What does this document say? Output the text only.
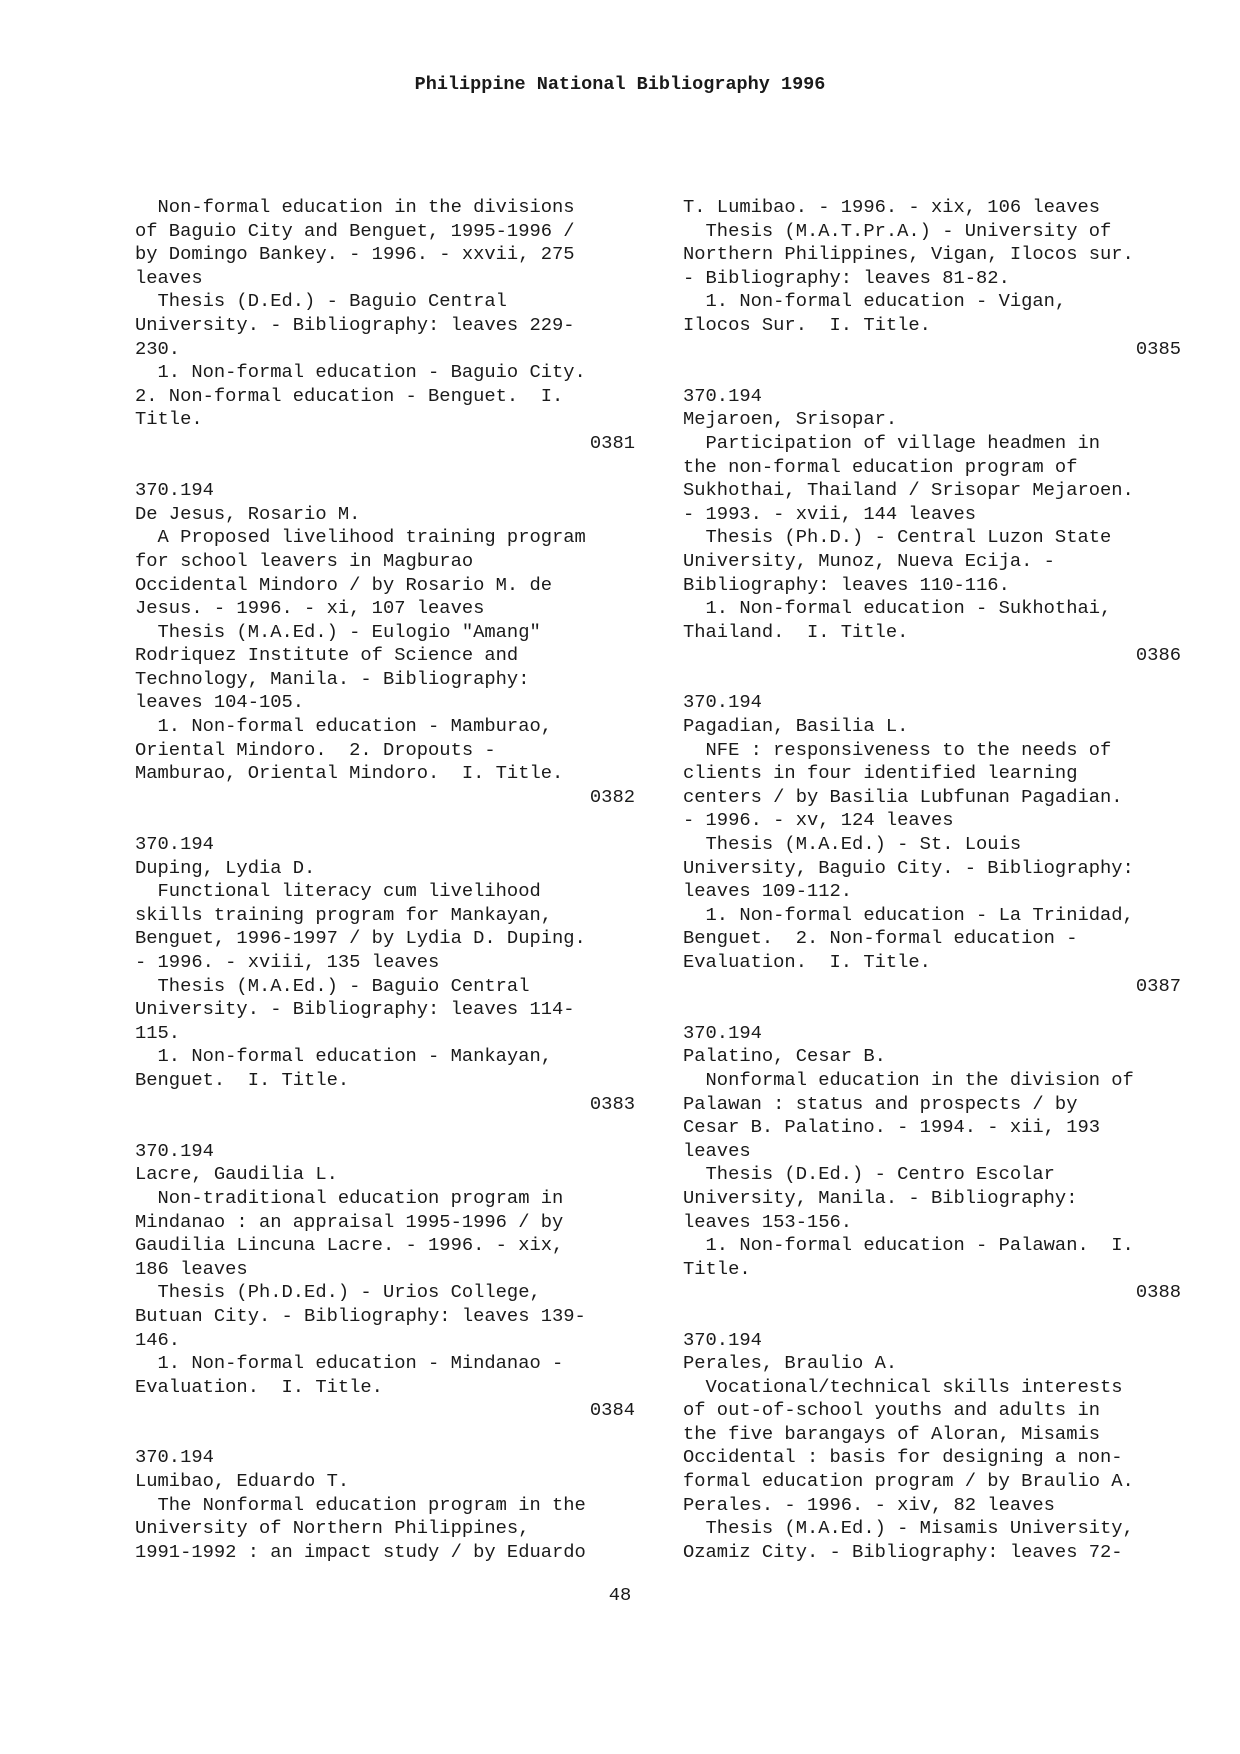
Philippine National Bibliography 1996
Non-formal education in the divisions
of Baguio City and Benguet, 1995-1996 /
by Domingo Bankey. - 1996. - xxvii, 275
leaves
Thesis (D.Ed.) - Baguio Central
University. - Bibliography: leaves 229-
230.
1. Non-formal education - Baguio City.
2. Non-formal education - Benguet.  I.
Title.
0381
370.194
De Jesus, Rosario M.
A Proposed livelihood training program
for school leavers in Magburao
Occidental Mindoro / by Rosario M. de
Jesus. - 1996. - xi, 107 leaves
Thesis (M.A.Ed.) - Eulogio "Amang"
Rodriquez Institute of Science and
Technology, Manila. - Bibliography:
leaves 104-105.
1. Non-formal education - Mamburao,
Oriental Mindoro.  2. Dropouts -
Mamburao, Oriental Mindoro.  I. Title.
0382
370.194
Duping, Lydia D.
Functional literacy cum livelihood
skills training program for Mankayan,
Benguet, 1996-1997 / by Lydia D. Duping.
- 1996. - xviii, 135 leaves
Thesis (M.A.Ed.) - Baguio Central
University. - Bibliography: leaves 114-
115.
1. Non-formal education - Mankayan,
Benguet.  I. Title.
0383
370.194
Lacre, Gaudilia L.
Non-traditional education program in
Mindanao : an appraisal 1995-1996 / by
Gaudilia Lincuna Lacre. - 1996. - xix,
186 leaves
Thesis (Ph.D.Ed.) - Urios College,
Butuan City. - Bibliography: leaves 139-
146.
1. Non-formal education - Mindanao -
Evaluation.  I. Title.
0384
370.194
Lumibao, Eduardo T.
The Nonformal education program in the
University of Northern Philippines,
1991-1992 : an impact study / by Eduardo
T. Lumibao. - 1996. - xix, 106 leaves
Thesis (M.A.T.Pr.A.) - University of
Northern Philippines, Vigan, Ilocos sur.
- Bibliography: leaves 81-82.
1. Non-formal education - Vigan,
Ilocos Sur.  I. Title.
0385
370.194
Mejaroen, Srisopar.
Participation of village headmen in
the non-formal education program of
Sukhothai, Thailand / Srisopar Mejaroen.
- 1993. - xvii, 144 leaves
Thesis (Ph.D.) - Central Luzon State
University, Munoz, Nueva Ecija. -
Bibliography: leaves 110-116.
1. Non-formal education - Sukhothai,
Thailand.  I. Title.
0386
370.194
Pagadian, Basilia L.
NFE : responsiveness to the needs of
clients in four identified learning
centers / by Basilia Lubfunan Pagadian.
- 1996. - xv, 124 leaves
Thesis (M.A.Ed.) - St. Louis
University, Baguio City. - Bibliography:
leaves 109-112.
1. Non-formal education - La Trinidad,
Benguet.  2. Non-formal education -
Evaluation.  I. Title.
0387
370.194
Palatino, Cesar B.
Nonformal education in the division of
Palawan : status and prospects / by
Cesar B. Palatino. - 1994. - xii, 193
leaves
Thesis (D.Ed.) - Centro Escolar
University, Manila. - Bibliography:
leaves 153-156.
1. Non-formal education - Palawan.  I.
Title.
0388
370.194
Perales, Braulio A.
Vocational/technical skills interests
of out-of-school youths and adults in
the five barangays of Aloran, Misamis
Occidental : basis for designing a non-
formal education program / by Braulio A.
Perales. - 1996. - xiv, 82 leaves
Thesis (M.A.Ed.) - Misamis University,
Ozamiz City. - Bibliography: leaves 72-
48
